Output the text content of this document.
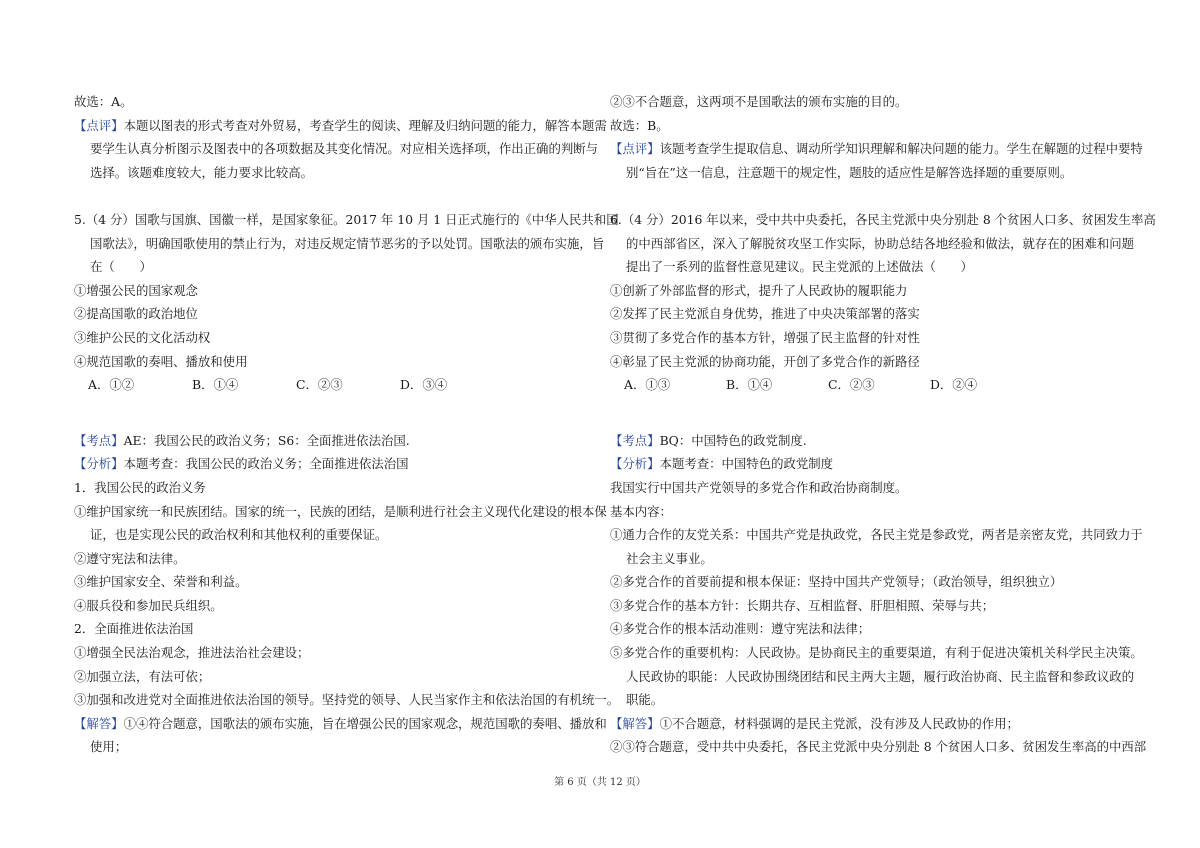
故选：A。
【点评】本题以图表的形式考查对外贸易，考查学生的阅读、理解及归纳问题的能力，解答本题需
要学生认真分析图示及图表中的各项数据及其变化情况。对应相关选择项，作出正确的判断与
选择。该题难度较大，能力要求比较高。
5.（4 分）国歌与国旗、国徽一样，是国家象征。2017 年 10 月 1 日正式施行的《中华人民共和国
国歌法》，明确国歌使用的禁止行为，对违反规定情节恶劣的予以处罚。国歌法的颁布实施，旨
在（　　）
①增强公民的国家观念
②提高国歌的政治地位
③维护公民的文化活动权
④规范国歌的奏唱、播放和使用
A．①②	B．①④	C．②③	D．③④
【考点】AE：我国公民的政治义务；S6：全面推进依法治国.
【分析】本题考查：我国公民的政治义务；全面推进依法治国
1．我国公民的政治义务
①维护国家统一和民族团结。国家的统一，民族的团结，是顺利进行社会主义现代化建设的根本保
证，也是实现公民的政治权利和其他权利的重要保证。
②遵守宪法和法律。
③维护国家安全、荣誉和利益。
④服兵役和参加民兵组织。
2．全面推进依法治国
①增强全民法治观念，推进法治社会建设；
②加强立法，有法可依；
③加强和改进党对全面推进依法治国的领导。坚持党的领导、人民当家作主和依法治国的有机统一。
【解答】①④符合题意，国歌法的颁布实施，旨在增强公民的国家观念，规范国歌的奏唱、播放和
使用；
②③不合题意，这两项不是国歌法的颁布实施的目的。
故选：B。
【点评】该题考查学生提取信息、调动所学知识理解和解决问题的能力。学生在解题的过程中要特
别“旨在”这一信息，注意题干的规定性，题肢的适应性是解答选择题的重要原则。
6.（4 分）2016 年以来，受中共中央委托，各民主党派中央分别赴 8 个贫困人口多、贫困发生率高
的中西部省区，深入了解脱贫攻坚工作实际，协助总结各地经验和做法，就存在的困难和问题
提出了一系列的监督性意见建议。民主党派的上述做法（　　）
①创新了外部监督的形式，提升了人民政协的履职能力
②发挥了民主党派自身优势，推进了中央决策部署的落实
③贯彻了多党合作的基本方针，增强了民主监督的针对性
④彰显了民主党派的协商功能，开创了多党合作的新路径
A．①③	B．①④	C．②③	D．②④
【考点】BQ：中国特色的政党制度.
【分析】本题考查：中国特色的政党制度
我国实行中国共产党领导的多党合作和政治协商制度。
基本内容：
①通力合作的友党关系：中国共产党是执政党，各民主党是参政党，两者是亲密友党，共同致力于
社会主义事业。
②多党合作的首要前提和根本保证：坚持中国共产党领导；（政治领导，组织独立）
③多党合作的基本方针：长期共存、互相监督、肝胆相照、荣辱与共；
④多党合作的根本活动准则：遵守宪法和法律；
⑤多党合作的重要机构：人民政协。是协商民主的重要渠道，有利于促进决策机关科学民主决策。
人民政协的职能：人民政协围绕团结和民主两大主题，履行政治协商、民主监督和参政议政的
职能。
【解答】①不合题意，材料强调的是民主党派，没有涉及人民政协的作用；
②③符合题意，受中共中央委托，各民主党派中央分别赴 8 个贫困人口多、贫困发生率高的中西部
第 6 页（共 12 页）
